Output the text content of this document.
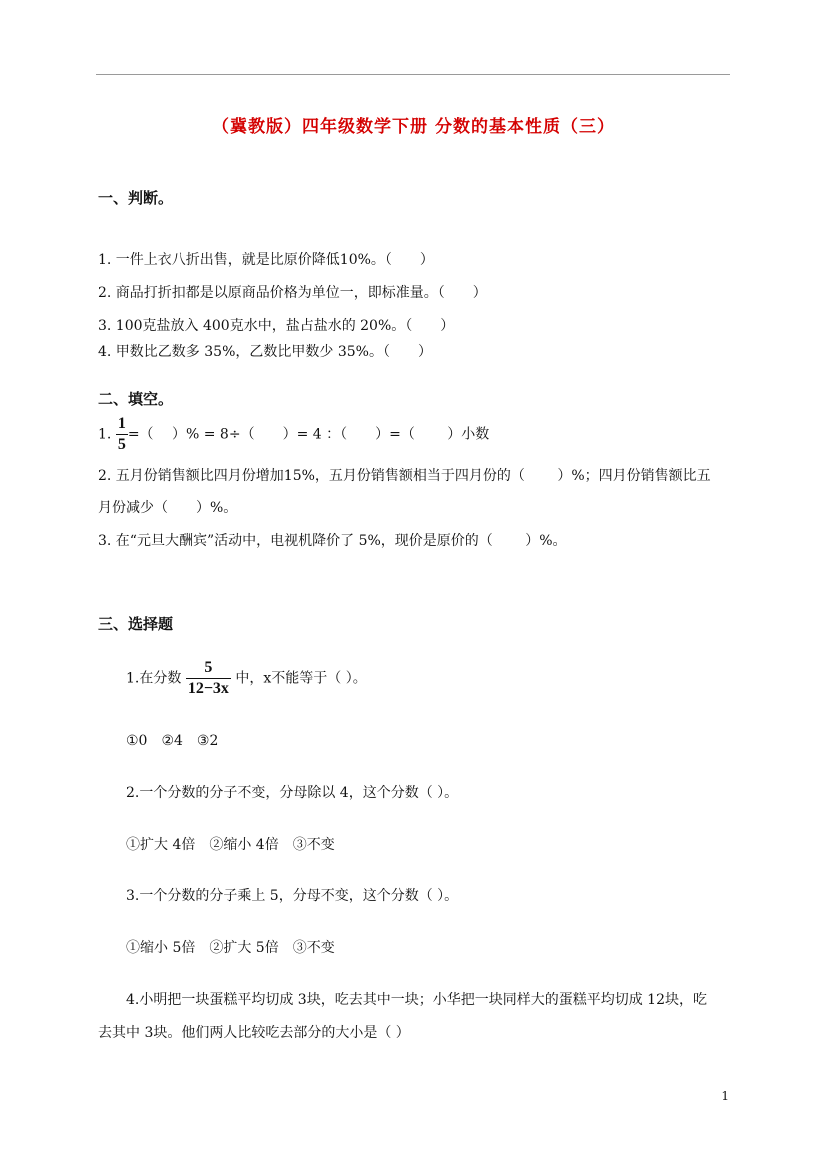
（冀教版）四年级数学下册 分数的基本性质（三）
一、判断。
1. 一件上衣八折出售，就是比原价降低10%。（　　）
2. 商品打折扣都是以原商品价格为单位一，即标准量。（　　）
3. 100克盐放入 400克水中，盐占盐水的 20%。（　　）
4. 甲数比乙数多 35%，乙数比甲数少 35%。（　　）
二、填空。
1. $\frac{1}{5}$ =（　 ）% = 8÷（　　）= 4 ：（　　）=（　　 ）小数
2. 五月份销售额比四月份增加15%，五月份销售额相当于四月份的（　　 ）%；四月份销售额比五
月份减少（　　）%。
3. 在“元旦大酬宾”活动中，电视机降价了 5%，现价是原价的（　　 ）%。
三、选择题
1.在分数 $\frac{5}{12-3x}$ 中，x不能等于（ ）。
①0　②4　③2
2.一个分数的分子不变，分母除以 4，这个分数（ ）。
①扩大 4倍　②缩小 4倍　③不变
3.一个分数的分子乘上 5，分母不变，这个分数（ ）。
①缩小 5倍　②扩大 5倍　③不变
4.小明把一块蛋糕平均切成 3块，吃去其中一块；小华把一块同样大的蛋糕平均切成 12块，吃
去其中 3块。他们两人比较吃去部分的大小是（ ）
1
